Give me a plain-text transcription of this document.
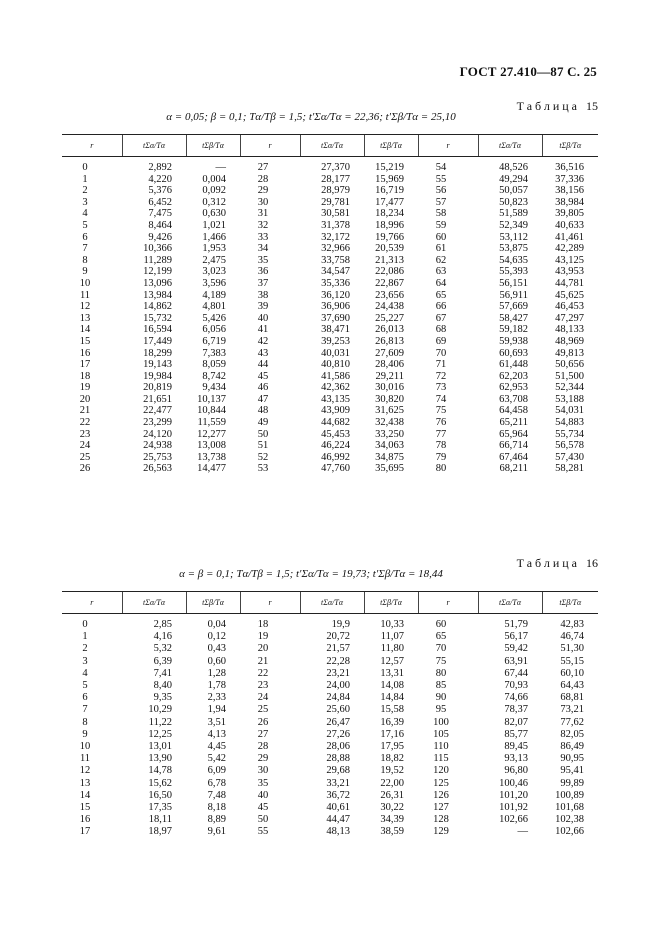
ГОСТ 27.410—87 С. 25
Таблица 15
α = 0,05; β = 0,1; Tα/Tβ = 1,5; t′Σα/Tα = 22,36; t′Σβ/Tα = 25,10
r	tΣα/Tα	tΣβ/Tα	r	tΣα/Tα	tΣβ/Tα	r	tΣα/Tα	tΣβ/Tα
0	2,892	—	27	27,370	15,219	54	48,526	36,516
1	4,220	0,004	28	28,177	15,969	55	49,294	37,336
2	5,376	0,092	29	28,979	16,719	56	50,057	38,156
3	6,452	0,312	30	29,781	17,477	57	50,823	38,984
4	7,475	0,630	31	30,581	18,234	58	51,589	39,805
5	8,464	1,021	32	31,378	18,996	59	52,349	40,633
6	9,426	1,466	33	32,172	19,766	60	53,112	41,461
7	10,366	1,953	34	32,966	20,539	61	53,875	42,289
8	11,289	2,475	35	33,758	21,313	62	54,635	43,125
9	12,199	3,023	36	34,547	22,086	63	55,393	43,953
10	13,096	3,596	37	35,336	22,867	64	56,151	44,781
11	13,984	4,189	38	36,120	23,656	65	56,911	45,625
12	14,862	4,801	39	36,906	24,438	66	57,669	46,453
13	15,732	5,426	40	37,690	25,227	67	58,427	47,297
14	16,594	6,056	41	38,471	26,013	68	59,182	48,133
15	17,449	6,719	42	39,253	26,813	69	59,938	48,969
16	18,299	7,383	43	40,031	27,609	70	60,693	49,813
17	19,143	8,059	44	40,810	28,406	71	61,448	50,656
18	19,984	8,742	45	41,586	29,211	72	62,203	51,500
19	20,819	9,434	46	42,362	30,016	73	62,953	52,344
20	21,651	10,137	47	43,135	30,820	74	63,708	53,188
21	22,477	10,844	48	43,909	31,625	75	64,458	54,031
22	23,299	11,559	49	44,682	32,438	76	65,211	54,883
23	24,120	12,277	50	45,453	33,250	77	65,964	55,734
24	24,938	13,008	51	46,224	34,063	78	66,714	56,578
25	25,753	13,738	52	46,992	34,875	79	67,464	57,430
26	26,563	14,477	53	47,760	35,695	80	68,211	58,281
Таблица 16
α = β = 0,1; Tα/Tβ = 1,5; t′Σα/Tα = 19,73; t′Σβ/Tα = 18,44
r	tΣα/Tα	tΣβ/Tα	r	tΣα/Tα	tΣβ/Tα	r	tΣα/Tα	tΣβ/Tα
0	2,85	0,04	18	19,9	10,33	60	51,79	42,83
1	4,16	0,12	19	20,72	11,07	65	56,17	46,74
2	5,32	0,43	20	21,57	11,80	70	59,42	51,30
3	6,39	0,60	21	22,28	12,57	75	63,91	55,15
4	7,41	1,28	22	23,21	13,31	80	67,44	60,10
5	8,40	1,78	23	24,00	14,08	85	70,93	64,43
6	9,35	2,33	24	24,84	14,84	90	74,66	68,81
7	10,29	1,94	25	25,60	15,58	95	78,37	73,21
8	11,22	3,51	26	26,47	16,39	100	82,07	77,62
9	12,25	4,13	27	27,26	17,16	105	85,77	82,05
10	13,01	4,45	28	28,06	17,95	110	89,45	86,49
11	13,90	5,42	29	28,88	18,82	115	93,13	90,95
12	14,78	6,09	30	29,68	19,52	120	96,80	95,41
13	15,62	6,78	35	33,21	22,00	125	100,46	99,89
14	16,50	7,48	40	36,72	26,31	126	101,20	100,89
15	17,35	8,18	45	40,61	30,22	127	101,92	101,68
16	18,11	8,89	50	44,47	34,39	128	102,66	102,38
17	18,97	9,61	55	48,13	38,59	129	—	102,66
